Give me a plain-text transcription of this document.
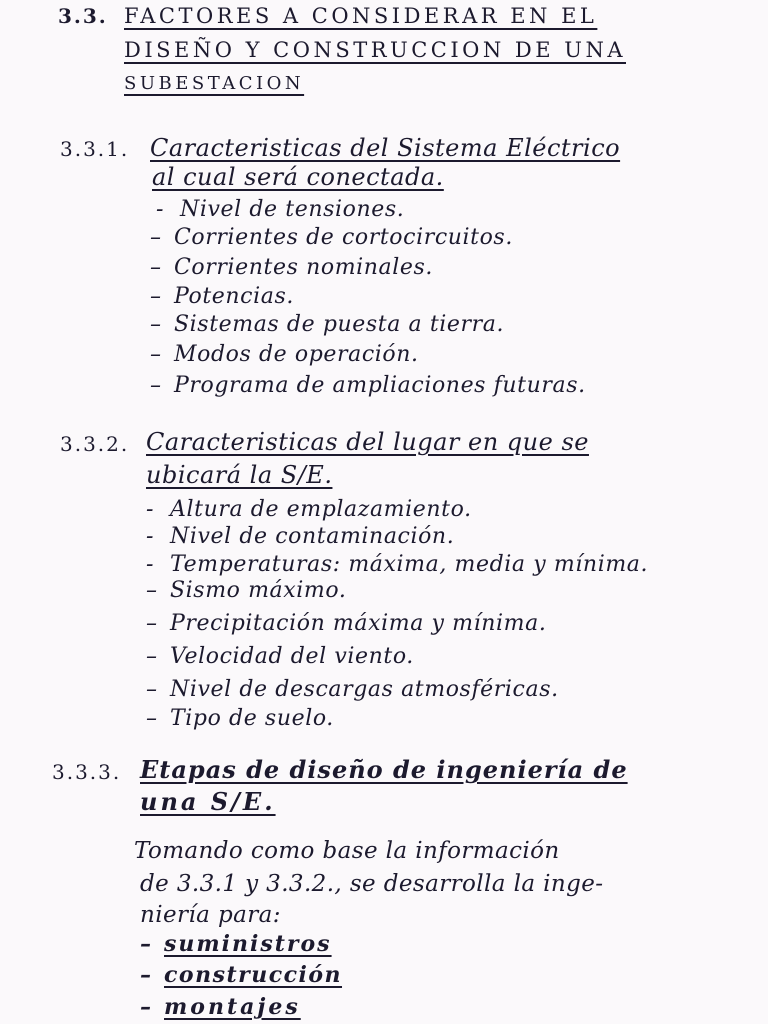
3.3. FACTORES A CONSIDERAR EN EL
DISEÑO Y CONSTRUCCION DE UNA
SUBESTACION
3.3.1. Caracteristicas del Sistema Eléctrico
al cual será conectada.
- Nivel de tensiones.
– Corrientes de cortocircuitos.
– Corrientes nominales.
– Potencias.
– Sistemas de puesta a tierra.
– Modos de operación.
– Programa de ampliaciones futuras.
3.3.2. Caracteristicas del lugar en que se
ubicará la S/E.
- Altura de emplazamiento.
- Nivel de contaminación.
- Temperaturas: máxima, media y mínima.
– Sismo máximo.
– Precipitación máxima y mínima.
– Velocidad del viento.
– Nivel de descargas atmosféricas.
– Tipo de suelo.
3.3.3. Etapas de diseño de ingeniería de
una S/E.
Tomando como base la información
de 3.3.1 y 3.3.2., se desarrolla la inge-
niería para:
– suministros
– construcción
– montajes
